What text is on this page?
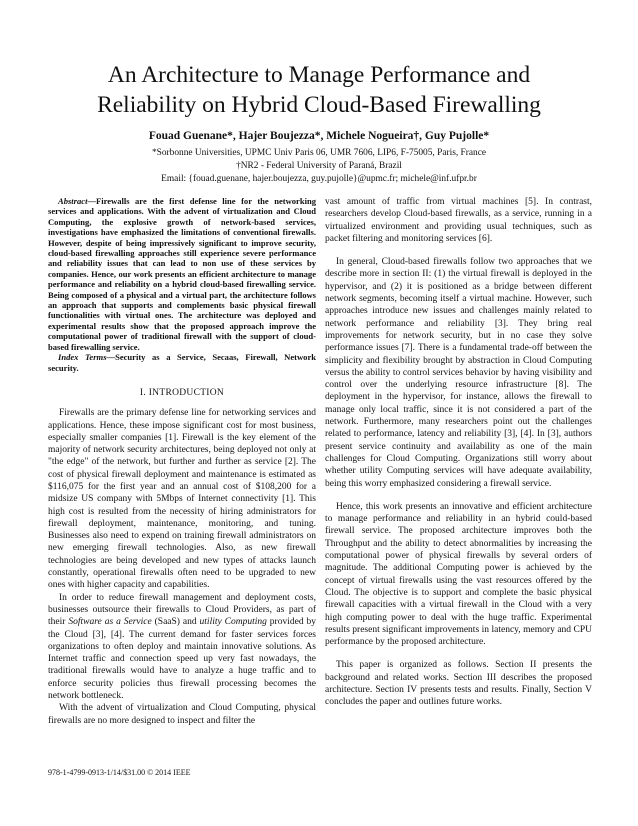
An Architecture to Manage Performance and
Reliability on Hybrid Cloud-Based Firewalling
Fouad Guenane*, Hajer Boujezza*, Michele Nogueira†, Guy Pujolle*
*Sorbonne Universities, UPMC Univ Paris 06, UMR 7606, LIP6, F-75005, Paris, France
†NR2 - Federal University of Paraná, Brazil
Email: {fouad.guenane, hajer.boujezza, guy.pujolle}@upmc.fr; michele@inf.ufpr.br

Abstract—Firewalls are the first defense line for the networking services and applications. With the advent of virtualization and Cloud Computing, the explosive growth of network-based services, investigations have emphasized the limitations of conventional firewalls. However, despite of being impressively significant to improve security, cloud-based firewalling approaches still experience severe performance and reliability issues that can lead to non use of these services by companies. Hence, our work presents an efficient architecture to manage performance and reliability on a hybrid cloud-based firewalling service. Being composed of a physical and a virtual part, the architecture follows an approach that supports and complements basic physical firewall functionalities with virtual ones. The architecture was deployed and experimental results show that the proposed approach improve the computational power of traditional firewall with the support of cloud-based firewalling service.

Index Terms—Security as a Service, Secaas, Firewall, Network security.

I. INTRODUCTION

Firewalls are the primary defense line for networking services and applications. Hence, these impose significant cost for most business, especially smaller companies [1]. Firewall is the key element of the majority of network security architectures, being deployed not only at "the edge" of the network, but further and further as service [2]. The cost of physical firewall deployment and maintenance is estimated as $116,075 for the first year and an annual cost of $108,200 for a midsize US company with 5Mbps of Internet connectivity [1]. This high cost is resulted from the necessity of hiring administrators for firewall deployment, maintenance, monitoring, and tuning. Businesses also need to expend on training firewall administrators on new emerging firewall technologies. Also, as new firewall technologies are being developed and new types of attacks launch constantly, operational firewalls often need to be upgraded to new ones with higher capacity and capabilities.

In order to reduce firewall management and deployment costs, businesses outsource their firewalls to Cloud Providers, as part of their Software as a Service (SaaS) and utility Computing provided by the Cloud [3], [4]. The current demand for faster services forces organizations to often deploy and maintain innovative solutions. As Internet traffic and connection speed up very fast nowadays, the traditional firewalls would have to analyze a huge traffic and to enforce security policies thus firewall processing becomes the network bottleneck.

With the advent of virtualization and Cloud Computing, physical firewalls are no more designed to inspect and filter the

vast amount of traffic from virtual machines [5]. In contrast, researchers develop Cloud-based firewalls, as a service, running in a virtualized environment and providing usual techniques, such as packet filtering and monitoring services [6].

In general, Cloud-based firewalls follow two approaches that we describe more in section II: (1) the virtual firewall is deployed in the hypervisor, and (2) it is positioned as a bridge between different network segments, becoming itself a virtual machine. However, such approaches introduce new issues and challenges mainly related to network performance and reliability [3]. They bring real improvements for network security, but in no case they solve performance issues [7]. There is a fundamental trade-off between the simplicity and flexibility brought by abstraction in Cloud Computing versus the ability to control services behavior by having visibility and control over the underlying resource infrastructure [8]. The deployment in the hypervisor, for instance, allows the firewall to manage only local traffic, since it is not considered a part of the network. Furthermore, many researchers point out the challenges related to performance, latency and reliability [3], [4]. In [3], authors present service continuity and availability as one of the main challenges for Cloud Computing. Organizations still worry about whether utility Computing services will have adequate availability, being this worry emphasized considering a firewall service.

Hence, this work presents an innovative and efficient architecture to manage performance and reliability in an hybrid could-based firewall service. The proposed architecture improves both the Throughput and the ability to detect abnormalities by increasing the computational power of physical firewalls by several orders of magnitude. The additional Computing power is achieved by the concept of virtual firewalls using the vast resources offered by the Cloud. The objective is to support and complete the basic physical firewall capacities with a virtual firewall in the Cloud with a very high computing power to deal with the huge traffic. Experimental results present significant improvements in latency, memory and CPU performance by the proposed architecture.

This paper is organized as follows. Section II presents the background and related works. Section III describes the proposed architecture. Section IV presents tests and results. Finally, Section V concludes the paper and outlines future works.

978-1-4799-0913-1/14/$31.00 © 2014 IEEE
